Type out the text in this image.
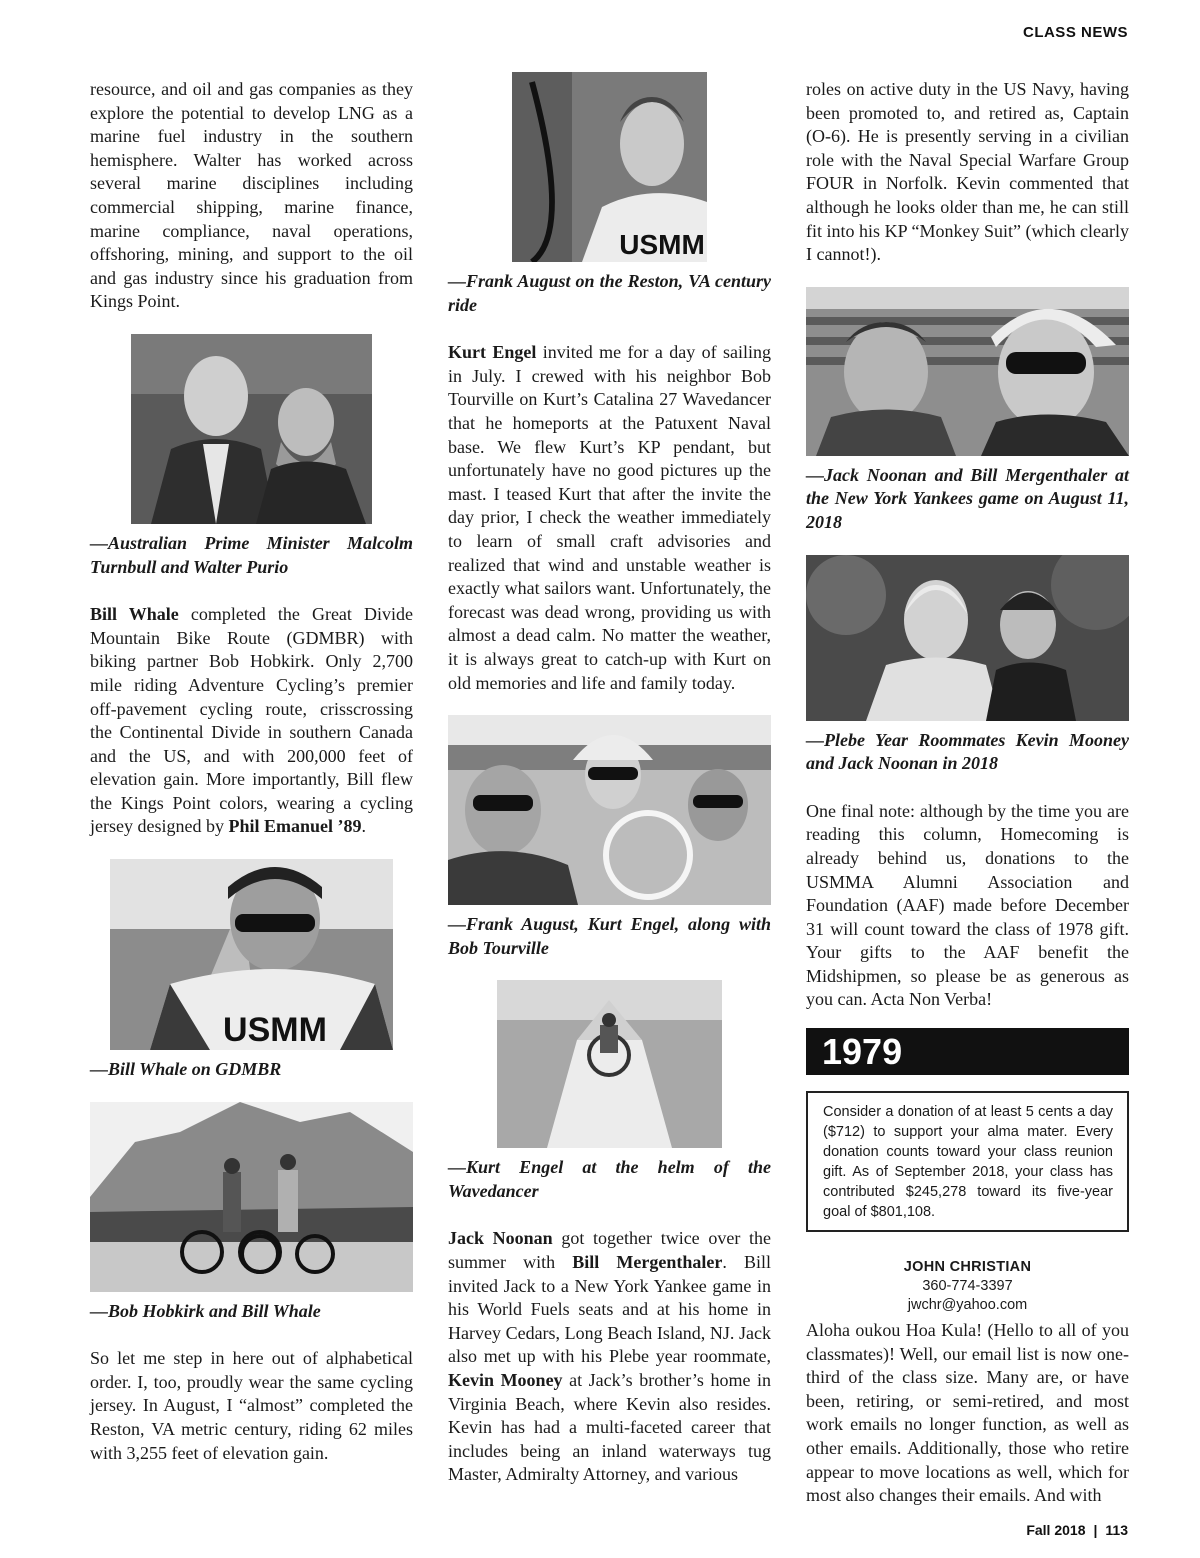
CLASS NEWS

resource, and oil and gas companies as they explore the potential to develop LNG as a marine fuel industry in the southern hemisphere. Walter has worked across several marine disciplines including commercial shipping, marine finance, marine compliance, naval operations, offshoring, mining, and support to the oil and gas industry since his graduation from Kings Point.

—Australian Prime Minister Malcolm Turnbull and Walter Purio

Bill Whale completed the Great Divide Mountain Bike Route (GDMBR) with biking partner Bob Hobkirk. Only 2,700 mile riding Adventure Cycling’s premier off-pavement cycling route, crisscrossing the Continental Divide in southern Canada and the US, and with 200,000 feet of elevation gain. More importantly, Bill flew the Kings Point colors, wearing a cycling jersey designed by Phil Emanuel ’89.

USMM

—Bill Whale on GDMBR

—Bob Hobkirk and Bill Whale

So let me step in here out of alphabetical order. I, too, proudly wear the same cycling jersey. In August, I “almost” completed the Reston, VA metric century, riding 62 miles with 3,255 feet of elevation gain.

USMM

—Frank August on the Reston, VA century ride

Kurt Engel invited me for a day of sailing in July. I crewed with his neighbor Bob Tourville on Kurt’s Catalina 27 Wavedancer that he homeports at the Patuxent Naval base. We flew Kurt’s KP pendant, but unfortunately have no good pictures up the mast. I teased Kurt that after the invite the day prior, I check the weather immediately to learn of small craft advisories and realized that wind and unstable weather is exactly what sailors want. Unfortunately, the forecast was dead wrong, providing us with almost a dead calm. No matter the weather, it is always great to catch-up with Kurt on old memories and life and family today.

—Frank August, Kurt Engel, along with Bob Tourville

—Kurt Engel at the helm of the Wavedancer

Jack Noonan got together twice over the summer with Bill Mergenthaler. Bill invited Jack to a New York Yankee game in his World Fuels seats and at his home in Harvey Cedars, Long Beach Island, NJ. Jack also met up with his Plebe year roommate, Kevin Mooney at Jack’s brother’s home in Virginia Beach, where Kevin also resides. Kevin has had a multi-faceted career that includes being an inland waterways tug Master, Admiralty Attorney, and various

roles on active duty in the US Navy, having been promoted to, and retired as, Captain (O-6). He is presently serving in a civilian role with the Naval Special Warfare Group FOUR in Norfolk. Kevin commented that although he looks older than me, he can still fit into his KP “Monkey Suit” (which clearly I cannot!).

—Jack Noonan and Bill Mergenthaler at the New York Yankees game on August 11, 2018

—Plebe Year Roommates Kevin Mooney and Jack Noonan in 2018

One final note: although by the time you are reading this column, Homecoming is already behind us, donations to the USMMA Alumni Association and Foundation (AAF) made before December 31 will count toward the class of 1978 gift. Your gifts to the AAF benefit the Midshipmen, so please be as generous as you can. Acta Non Verba!

1979
Consider a donation of at least 5 cents a day ($712) to support your alma mater. Every donation counts toward your class reunion gift. As of September 2018, your class has contributed $245,278 toward its five-year goal of $801,108.
JOHN CHRISTIAN
360-774-3397
jwchr@yahoo.com

Aloha oukou Hoa Kula! (Hello to all of you classmates)! Well, our email list is now one-third of the class size. Many are, or have been, retiring, or semi-retired, and most work emails no longer function, as well as other emails. Additionally, those who retire appear to move locations as well, which for most also changes their emails. And with

Fall 2018 | 113
